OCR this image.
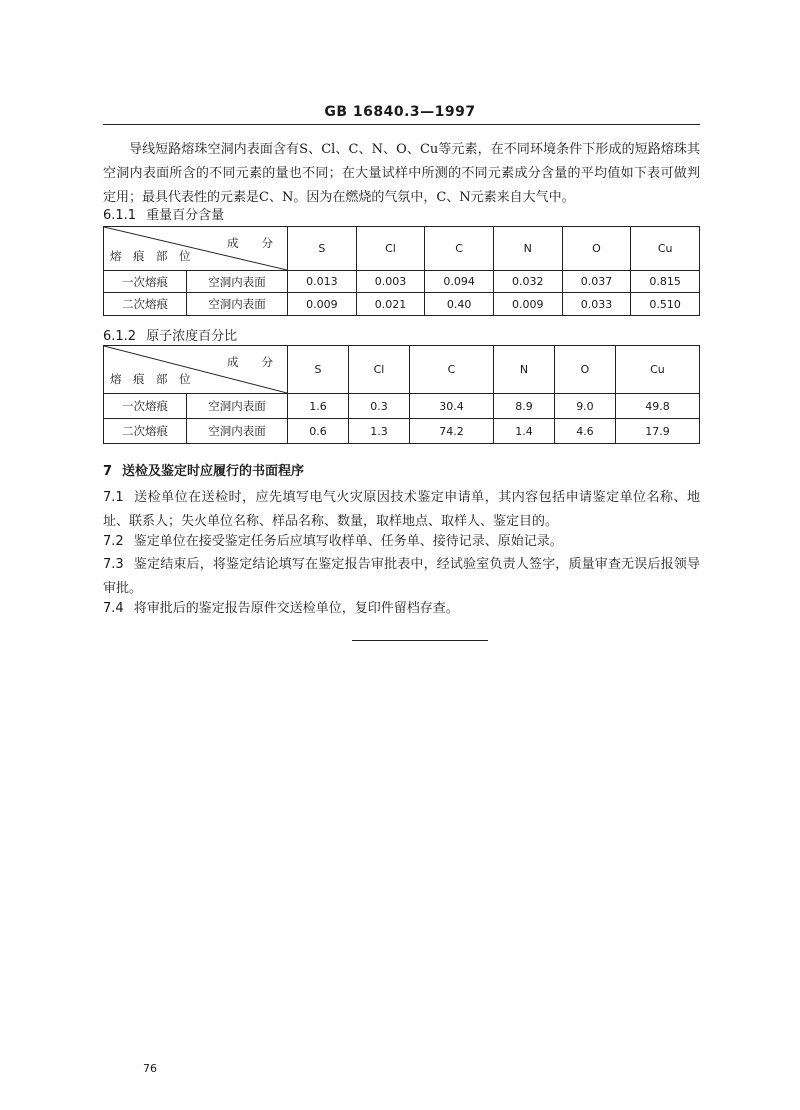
GB 16840.3—1997
导线短路熔珠空洞内表面含有S、Cl、C、N、O、Cu等元素，在不同环境条件下形成的短路熔珠其空洞内表面所含的不同元素的量也不同；在大量试样中所测的不同元素成分含量的平均值如下表可做判定用；最具代表性的元素是C、N。因为在燃烧的气氛中，C、N元素来自大气中。
6.1.1 重量百分含量
成　　分
熔　痕　部　位		S	Cl	C	N	O	Cu
一次熔痕	空洞内表面	0.013	0.003	0.094	0.032	0.037	0.815
二次熔痕	空洞内表面	0.009	0.021	0.40	0.009	0.033	0.510
6.1.2 原子浓度百分比
成　　分
熔　痕　部　位		S	Cl	C	N	O	Cu
一次熔痕	空洞内表面	1.6	0.3	30.4	8.9	9.0	49.8
二次熔痕	空洞内表面	0.6	1.3	74.2	1.4	4.6	17.9
7 送检及鉴定时应履行的书面程序
7.1 送检单位在送检时，应先填写电气火灾原因技术鉴定申请单，其内容包括申请鉴定单位名称、地址、联系人；失火单位名称、样品名称、数量，取样地点、取样人、鉴定目的。
7.2 鉴定单位在接受鉴定任务后应填写收样单、任务单、接待记录、原始记录。
7.3 鉴定结束后，将鉴定结论填写在鉴定报告审批表中，经试验室负责人签字，质量审查无误后报领导审批。
7.4 将审批后的鉴定报告原件交送检单位，复印件留档存查。
76
